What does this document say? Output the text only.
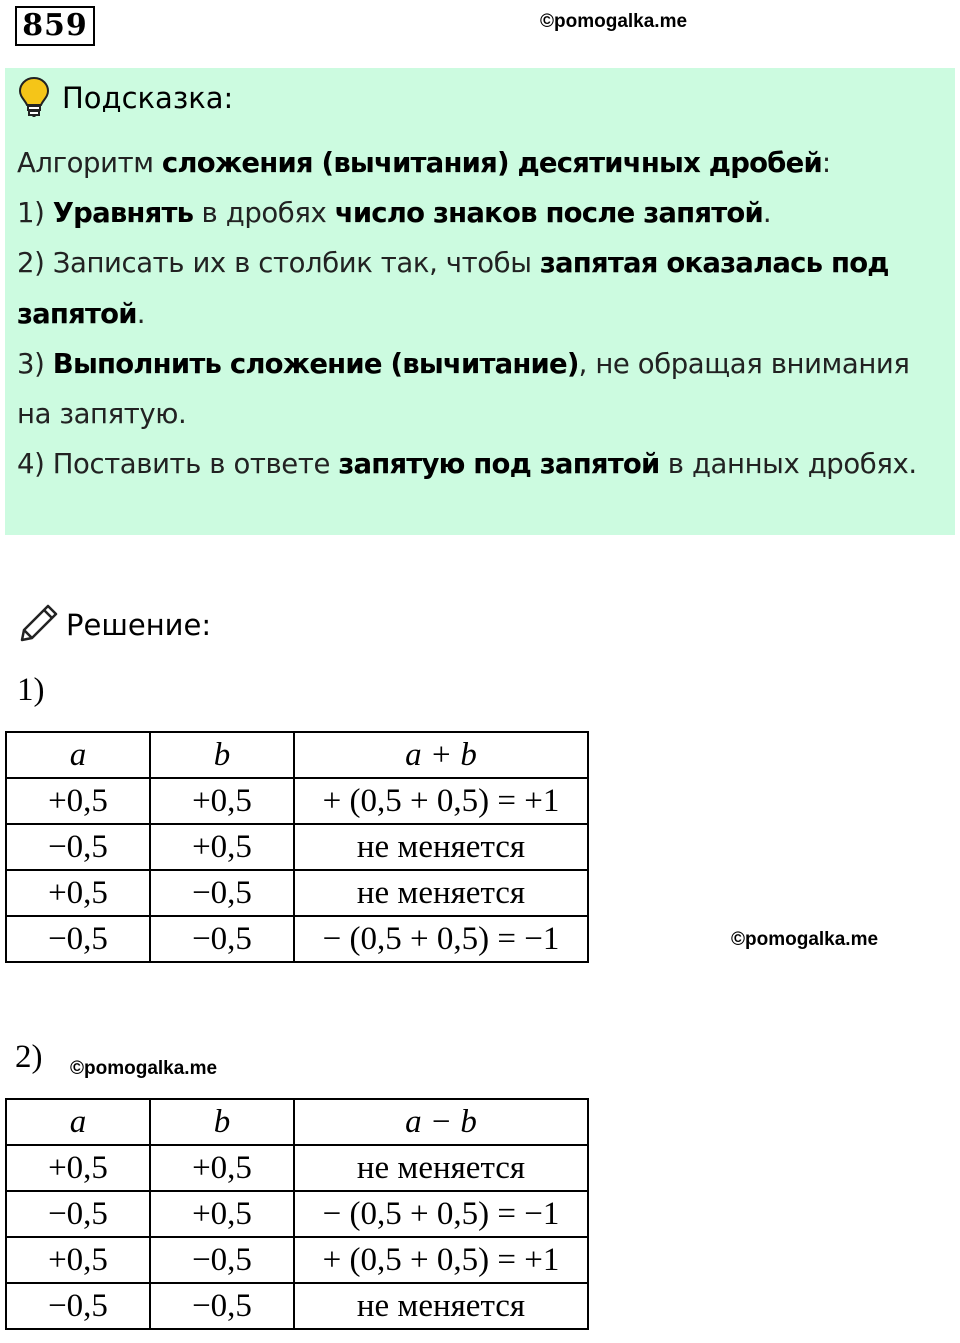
859	©pomogalka.me
Подсказка:
Алгоритм сложения (вычитания) десятичных дробей:
1) Уравнять в дробях число знаков после запятой.
2) Записать их в столбик так, чтобы запятая оказалась под
запятой.
3) Выполнить сложение (вычитание), не обращая внимания
на запятую.
4) Поставить в ответе запятую под запятой в данных дробях.
Решение:
1)
a	b	a + b
+0,5	+0,5	+ (0,5 + 0,5) = +1
−0,5	+0,5	не меняется
+0,5	−0,5	не меняется
−0,5	−0,5	− (0,5 + 0,5) = −1	©pomogalka.me
2) ©pomogalka.me
a	b	a − b
+0,5	+0,5	не меняется
−0,5	+0,5	− (0,5 + 0,5) = −1
+0,5	−0,5	+ (0,5 + 0,5) = +1
−0,5	−0,5	не меняется
